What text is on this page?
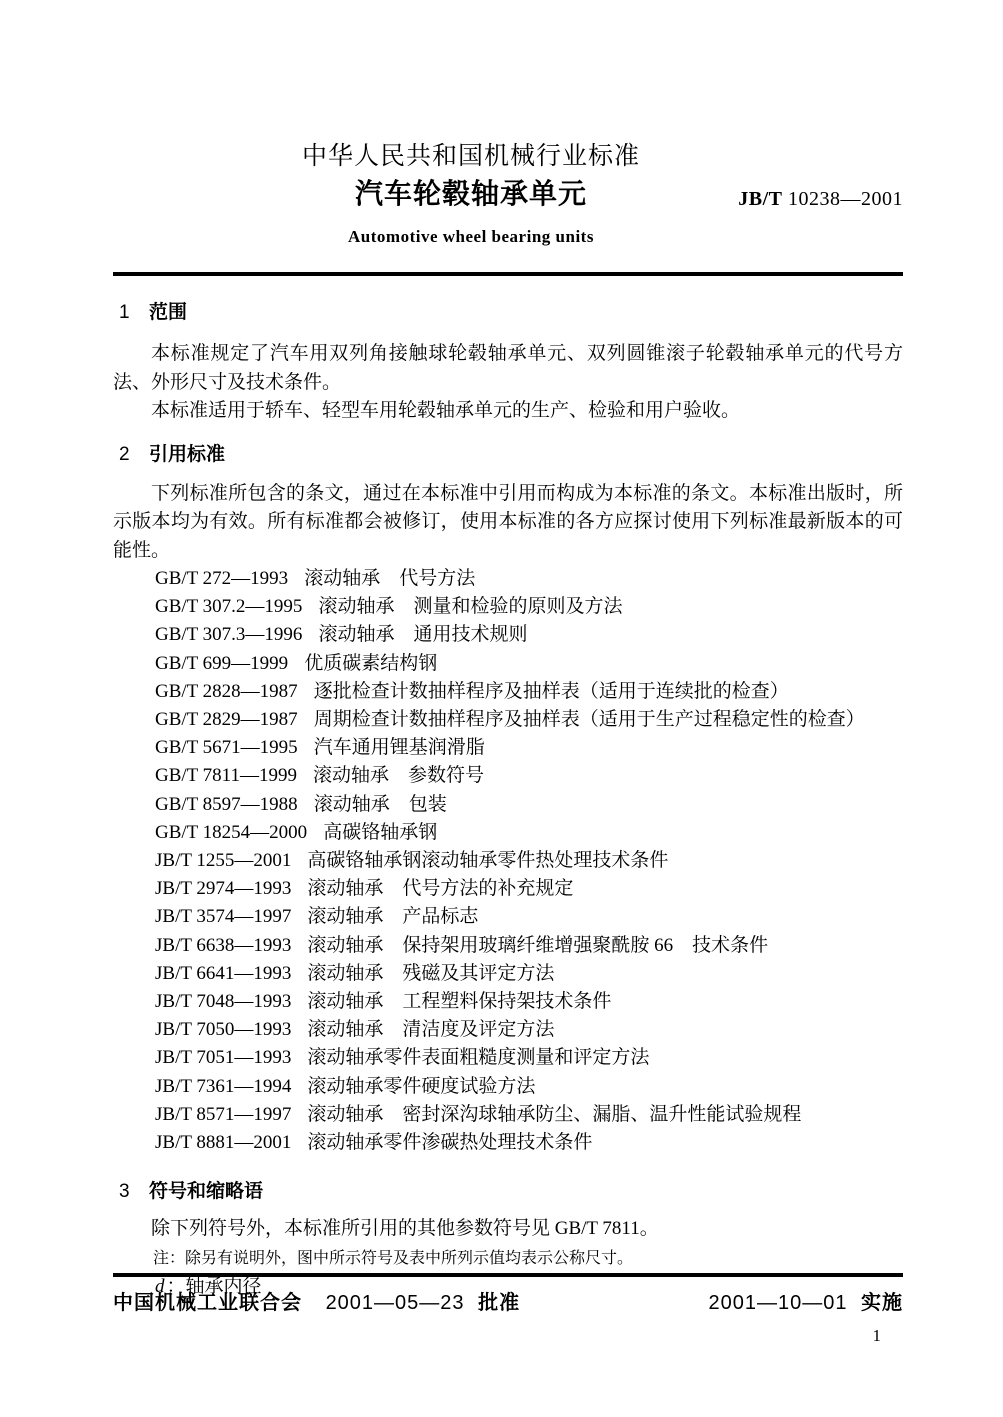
中华人民共和国机械行业标准
汽车轮毂轴承单元
Automotive wheel bearing units
JB/T 10238—2001
1 范围

本标准规定了汽车用双列角接触球轮毂轴承单元、双列圆锥滚子轮毂轴承单元的代号方法、外形尺寸及技术条件。

本标准适用于轿车、轻型车用轮毂轴承单元的生产、检验和用户验收。

2 引用标准

下列标准所包含的条文，通过在本标准中引用而构成为本标准的条文。本标准出版时，所示版本均为有效。所有标准都会被修订，使用本标准的各方应探讨使用下列标准最新版本的可能性。

GB/T 272—1993 滚动轴承　代号方法
GB/T 307.2—1995 滚动轴承　测量和检验的原则及方法
GB/T 307.3—1996 滚动轴承　通用技术规则
GB/T 699—1999 优质碳素结构钢
GB/T 2828—1987 逐批检查计数抽样程序及抽样表（适用于连续批的检查）
GB/T 2829—1987 周期检查计数抽样程序及抽样表（适用于生产过程稳定性的检查）
GB/T 5671—1995 汽车通用锂基润滑脂
GB/T 7811—1999 滚动轴承　参数符号
GB/T 8597—1988 滚动轴承　包装
GB/T 18254—2000 高碳铬轴承钢
JB/T 1255—2001 高碳铬轴承钢滚动轴承零件热处理技术条件
JB/T 2974—1993 滚动轴承　代号方法的补充规定
JB/T 3574—1997 滚动轴承　产品标志
JB/T 6638—1993 滚动轴承　保持架用玻璃纤维增强聚酰胺 66　技术条件
JB/T 6641—1993 滚动轴承　残磁及其评定方法
JB/T 7048—1993 滚动轴承　工程塑料保持架技术条件
JB/T 7050—1993 滚动轴承　清洁度及评定方法
JB/T 7051—1993 滚动轴承零件表面粗糙度测量和评定方法
JB/T 7361—1994 滚动轴承零件硬度试验方法
JB/T 8571—1997 滚动轴承　密封深沟球轴承防尘、漏脂、温升性能试验规程
JB/T 8881—2001 滚动轴承零件渗碳热处理技术条件
3 符号和缩略语

除下列符号外，本标准所引用的其他参数符号见 GB/T 7811。

注：除另有说明外，图中所示符号及表中所列示值均表示公称尺寸。

d ：轴承内径

中国机械工业联合会 2001—05—23 批准	2001—10—01 实施
1
